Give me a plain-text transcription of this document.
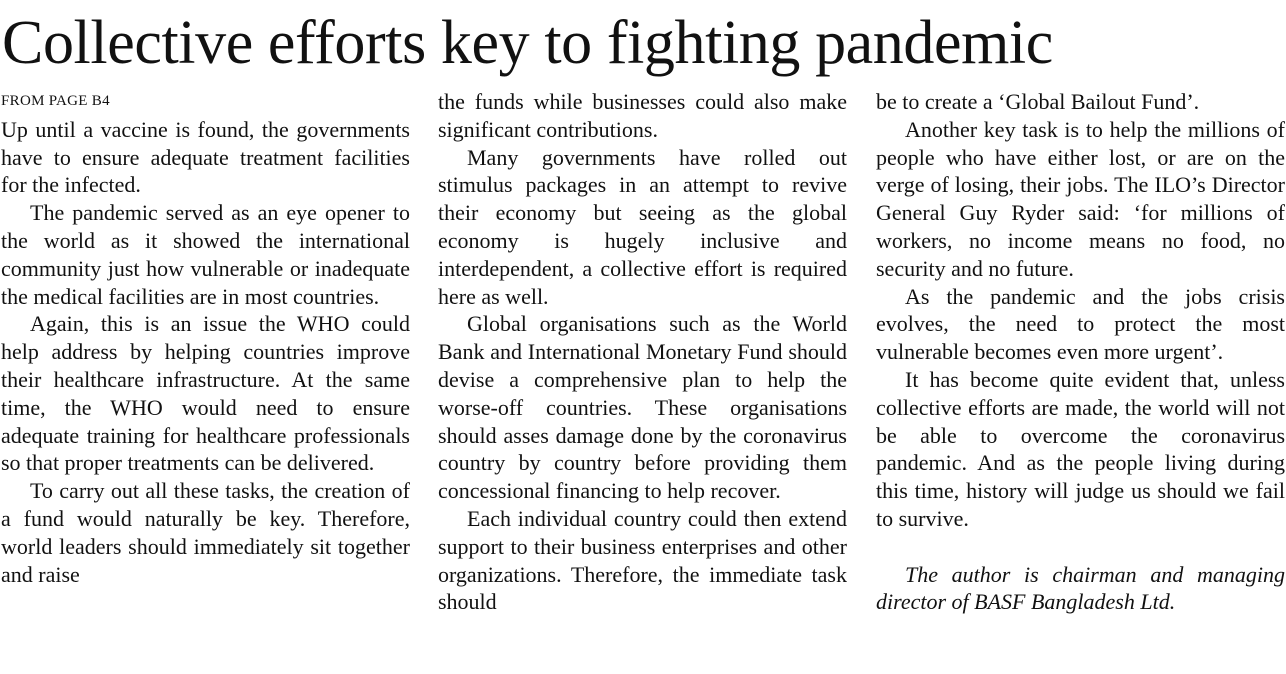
Collective efforts key to fighting pandemic
FROM PAGE B4

Up until a vaccine is found, the governments have to ensure adequate treatment facilities for the infected.

The pandemic served as an eye opener to the world as it showed the international community just how vulnerable or inadequate the medical facilities are in most countries.

Again, this is an issue the WHO could help address by helping countries improve their healthcare infrastructure. At the same time, the WHO would need to ensure adequate training for healthcare professionals so that proper treatments can be delivered.

To carry out all these tasks, the creation of a fund would naturally be key. Therefore, world leaders should immediately sit together and raise

the funds while businesses could also make significant contributions.

Many governments have rolled out stimulus packages in an attempt to revive their economy but seeing as the global economy is hugely inclusive and interdependent, a collective effort is required here as well.

Global organisations such as the World Bank and International Monetary Fund should devise a comprehensive plan to help the worse-off countries. These organisations should asses damage done by the coronavirus country by country before providing them concessional financing to help recover.

Each individual country could then extend support to their business enterprises and other organizations. Therefore, the immediate task should

be to create a ‘Global Bailout Fund’.

Another key task is to help the millions of people who have either lost, or are on the verge of losing, their jobs. The ILO’s Director General Guy Ryder said: ‘for millions of workers, no income means no food, no security and no future.

As the pandemic and the jobs crisis evolves, the need to protect the most vulnerable becomes even more urgent’.

It has become quite evident that, unless collective efforts are made, the world will not be able to overcome the coronavirus pandemic. And as the people living during this time, history will judge us should we fail to survive.

The author is chairman and managing director of BASF Bangladesh Ltd.
